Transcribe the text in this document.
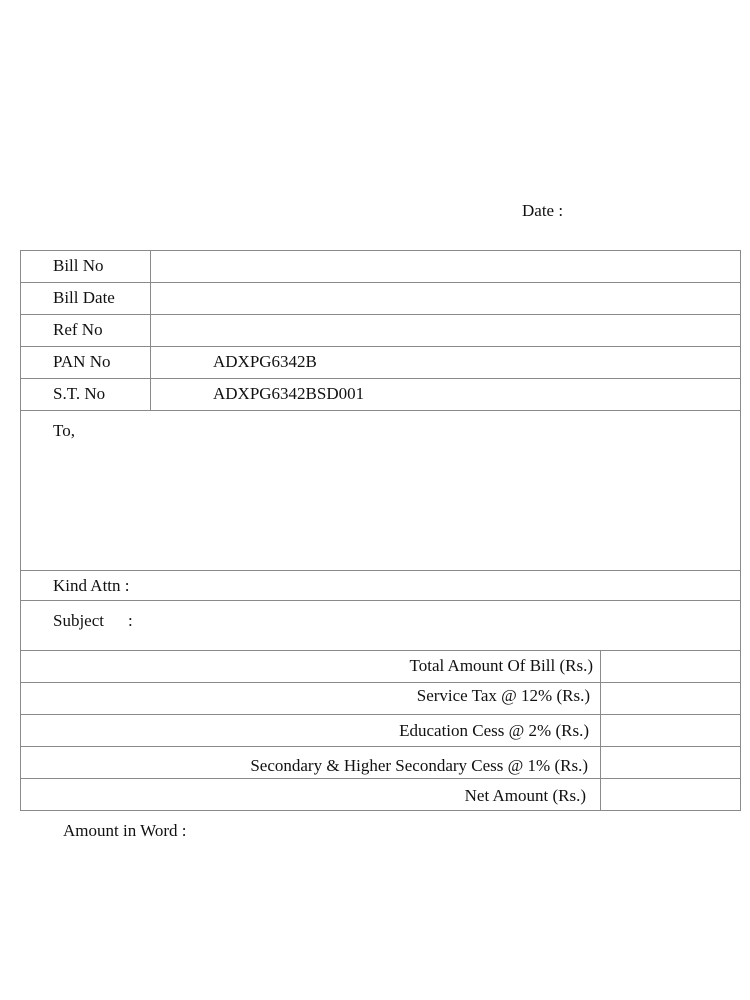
Date :
Bill No
Bill Date
Ref No
PAN No	ADXPG6342B
S.T. No	ADXPG6342BSD001
To,
Kind Attn :
Subject :
Total Amount Of Bill (Rs.)
Service Tax @ 12% (Rs.)
Education Cess @ 2% (Rs.)
Secondary & Higher Secondary Cess @ 1% (Rs.)
Net Amount (Rs.)
Amount in Word :
